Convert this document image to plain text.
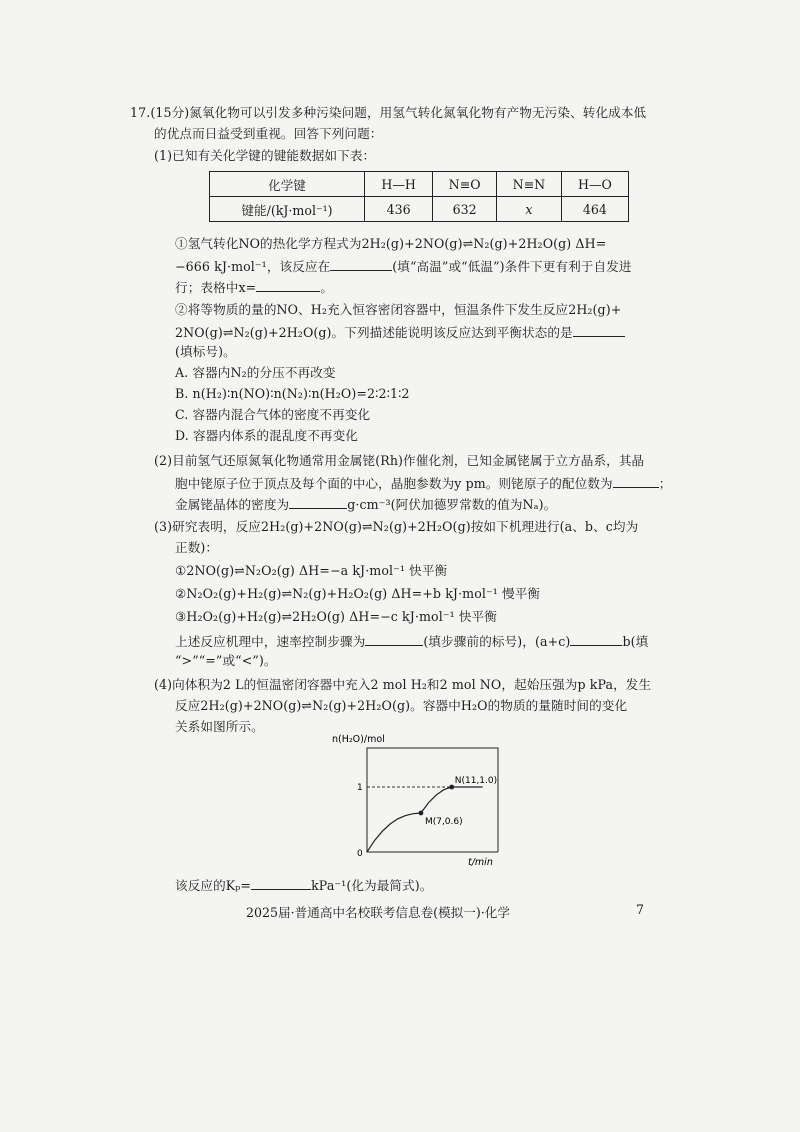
17.(15分)氮氧化物可以引发多种污染问题，用氢气转化氮氧化物有产物无污染、转化成本低
的优点而日益受到重视。回答下列问题：
(1)已知有关化学键的键能数据如下表：
化学键	H—H	N≡O	N≡N	H—O
键能/(kJ·mol⁻¹)	436	632	x	464
①氢气转化NO的热化学方程式为2H₂(g)+2NO(g)⇌N₂(g)+2H₂O(g) ΔH=
−666 kJ·mol⁻¹，该反应在	(填“高温”或“低温”)条件下更有利于自发进
行；表格中x=	。
②将等物质的量的NO、H₂充入恒容密闭容器中，恒温条件下发生反应2H₂(g)+
2NO(g)⇌N₂(g)+2H₂O(g)。下列描述能说明该反应达到平衡状态的是
(填标号)。
A. 容器内N₂的分压不再改变
B. n(H₂)∶n(NO)∶n(N₂)∶n(H₂O)=2∶2∶1∶2
C. 容器内混合气体的密度不再变化
D. 容器内体系的混乱度不再变化
(2)目前氢气还原氮氧化物通常用金属铑(Rh)作催化剂，已知金属铑属于立方晶系，其晶
胞中铑原子位于顶点及每个面的中心，晶胞参数为y pm。则铑原子的配位数为	；
金属铑晶体的密度为	g·cm⁻³(阿伏加德罗常数的值为Nₐ)。
(3)研究表明，反应2H₂(g)+2NO(g)⇌N₂(g)+2H₂O(g)按如下机理进行(a、b、c均为
正数)：
①2NO(g)⇌N₂O₂(g) ΔH=−a kJ·mol⁻¹ 快平衡
②N₂O₂(g)+H₂(g)⇌N₂(g)+H₂O₂(g) ΔH=+b kJ·mol⁻¹ 慢平衡
③H₂O₂(g)+H₂(g)⇌2H₂O(g) ΔH=−c kJ·mol⁻¹ 快平衡
上述反应机理中，速率控制步骤为	(填步骤前的标号)，(a+c)	b(填
“>”“=”或“<”)。
(4)向体积为2 L的恒温密闭容器中充入2 mol H₂和2 mol NO，起始压强为p kPa，发生
反应2H₂(g)+2NO(g)⇌N₂(g)+2H₂O(g)。容器中H₂O的物质的量随时间的变化
关系如图所示。
n(H₂O)/mol
M(7,0.6)
N(11,1.0)
1
0
t/min
该反应的Kₚ=	kPa⁻¹(化为最简式)。
2025届·普通高中名校联考信息卷(模拟一)·化学	7
